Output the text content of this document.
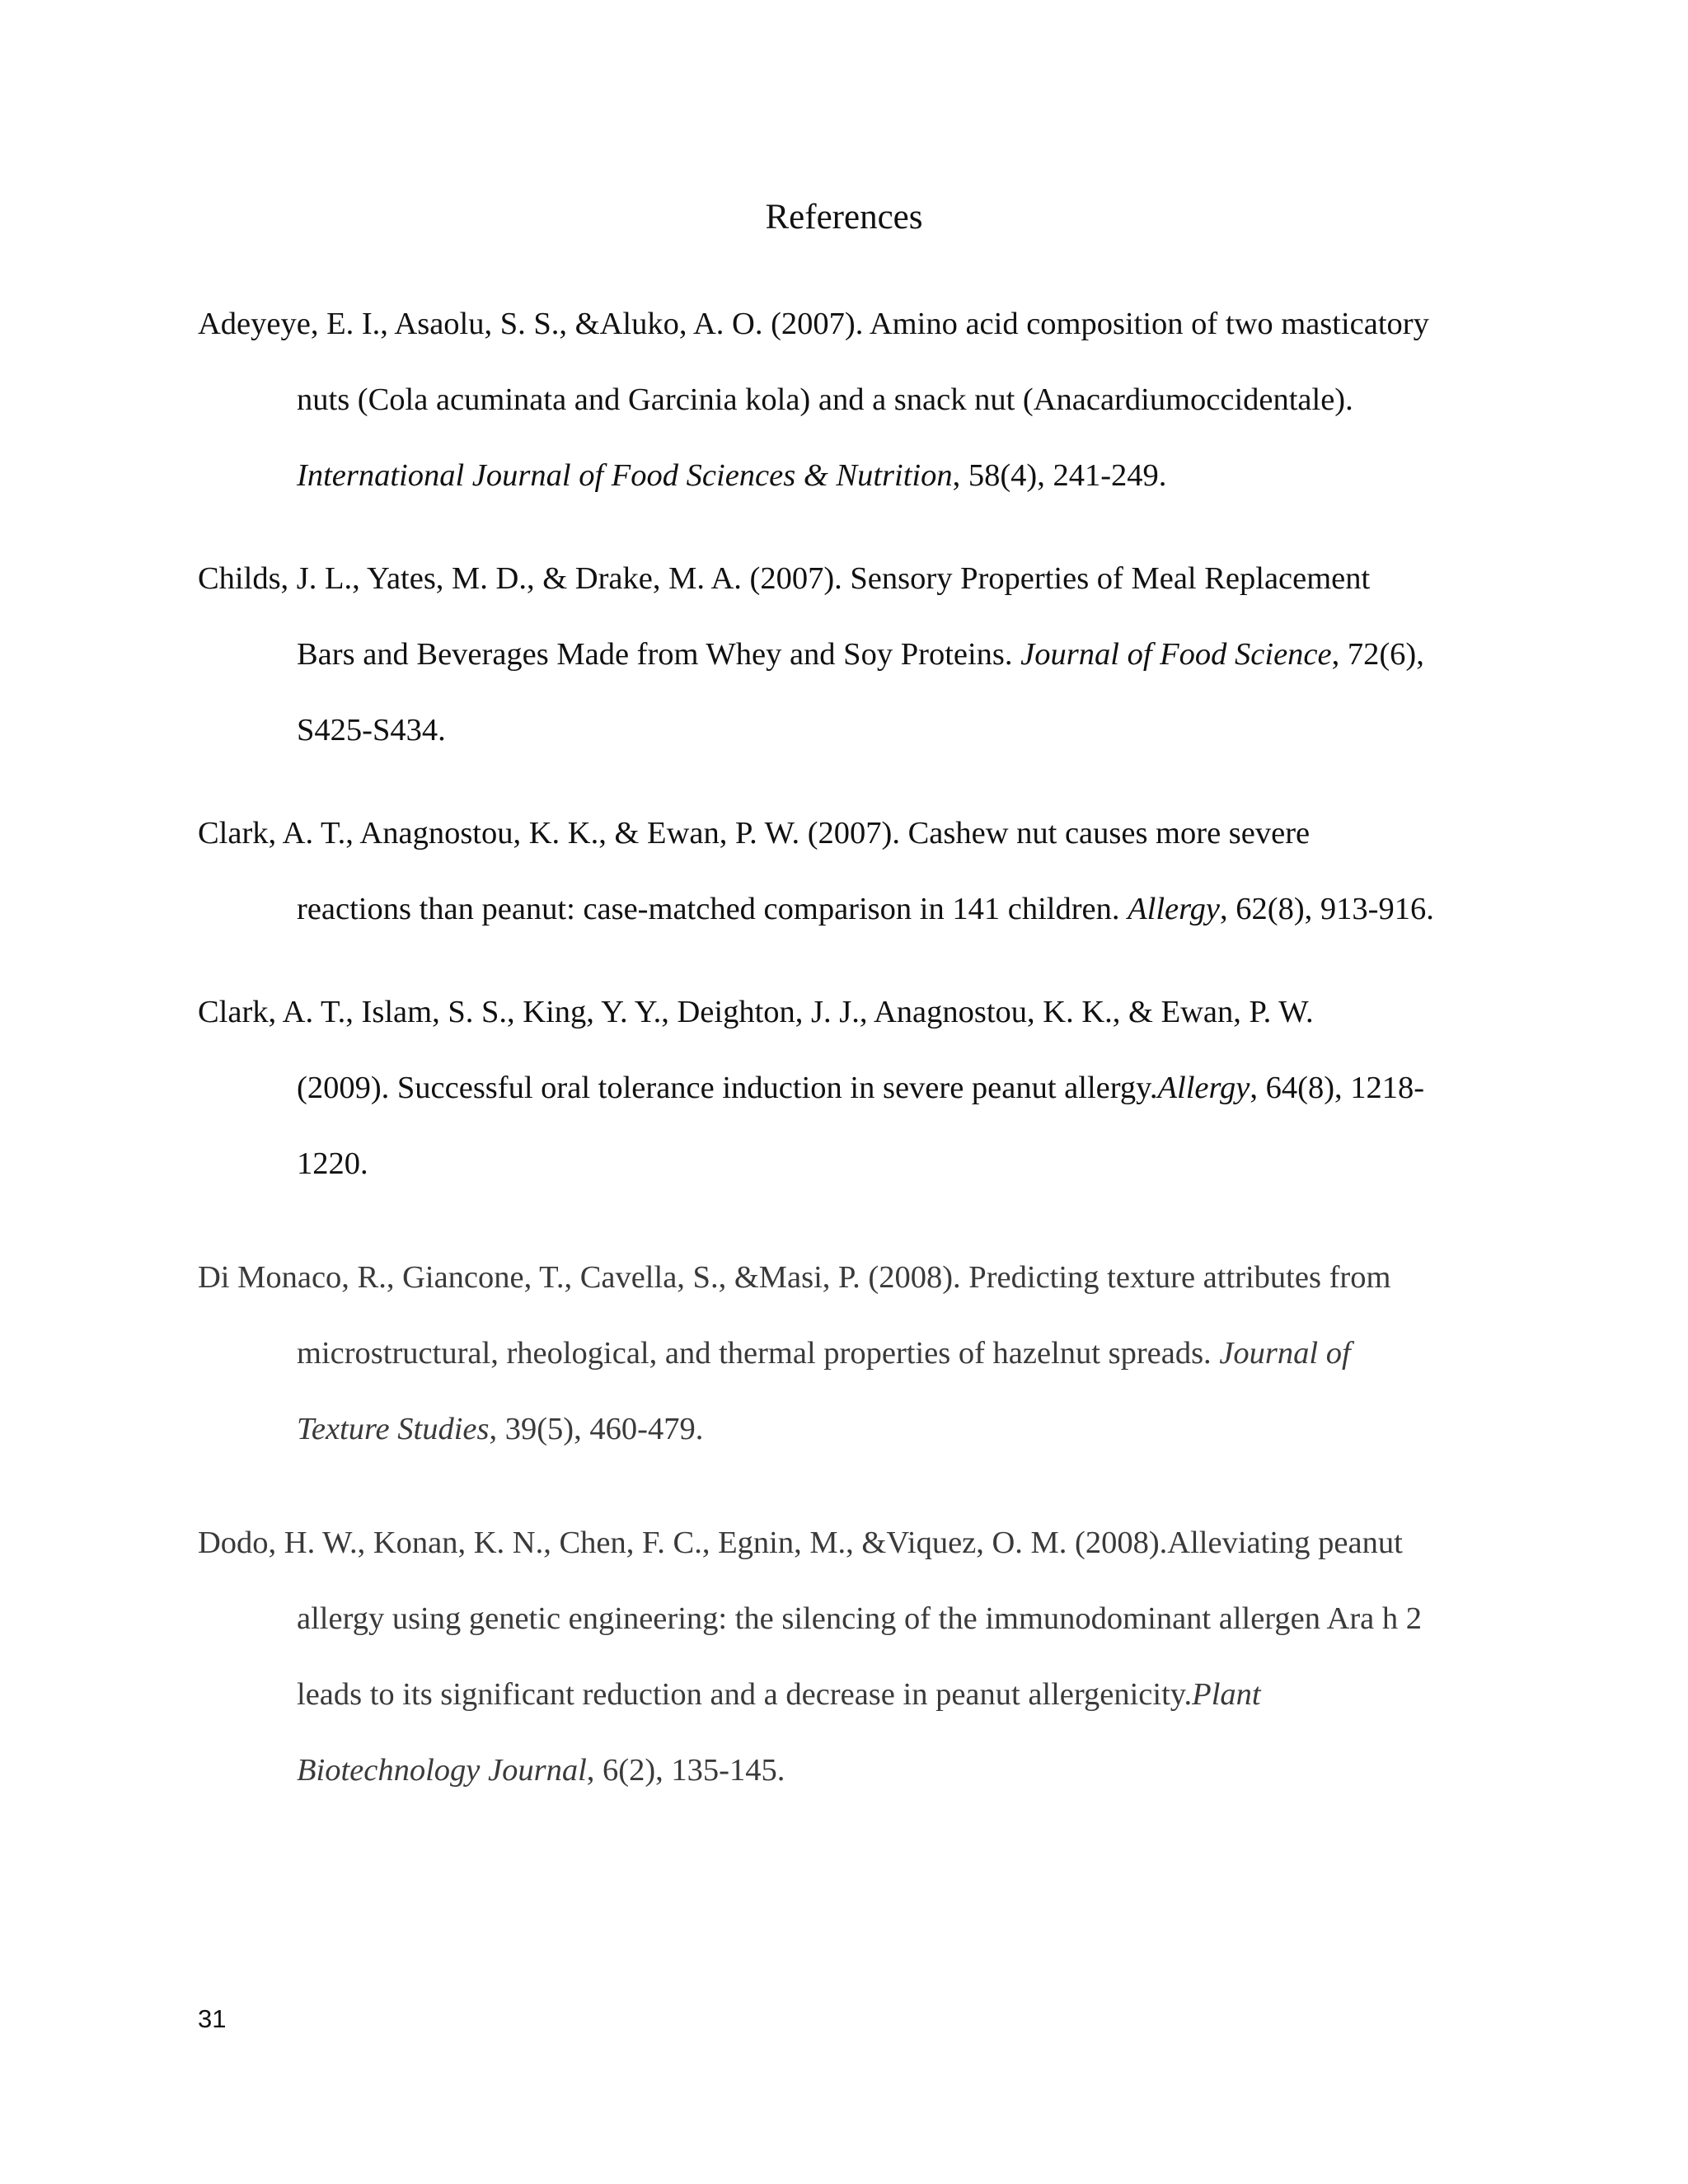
References
Adeyeye, E. I., Asaolu, S. S., &Aluko, A. O. (2007). Amino acid composition of two masticatory
nuts (Cola acuminata and Garcinia kola) and a snack nut (Anacardiumoccidentale).
International Journal of Food Sciences & Nutrition, 58(4), 241-249.
Childs, J. L., Yates, M. D., & Drake, M. A. (2007). Sensory Properties of Meal Replacement
Bars and Beverages Made from Whey and Soy Proteins. Journal of Food Science, 72(6),
S425-S434.
Clark, A. T., Anagnostou, K. K., & Ewan, P. W. (2007). Cashew nut causes more severe
reactions than peanut: case-matched comparison in 141 children. Allergy, 62(8), 913-916.
Clark, A. T., Islam, S. S., King, Y. Y., Deighton, J. J., Anagnostou, K. K., & Ewan, P. W.
(2009). Successful oral tolerance induction in severe peanut allergy.Allergy, 64(8), 1218-
1220.
Di Monaco, R., Giancone, T., Cavella, S., &Masi, P. (2008). Predicting texture attributes from
microstructural, rheological, and thermal properties of hazelnut spreads. Journal of
Texture Studies, 39(5), 460-479.
Dodo, H. W., Konan, K. N., Chen, F. C., Egnin, M., &Viquez, O. M. (2008).Alleviating peanut
allergy using genetic engineering: the silencing of the immunodominant allergen Ara h 2
leads to its significant reduction and a decrease in peanut allergenicity.Plant
Biotechnology Journal, 6(2), 135-145.
31
